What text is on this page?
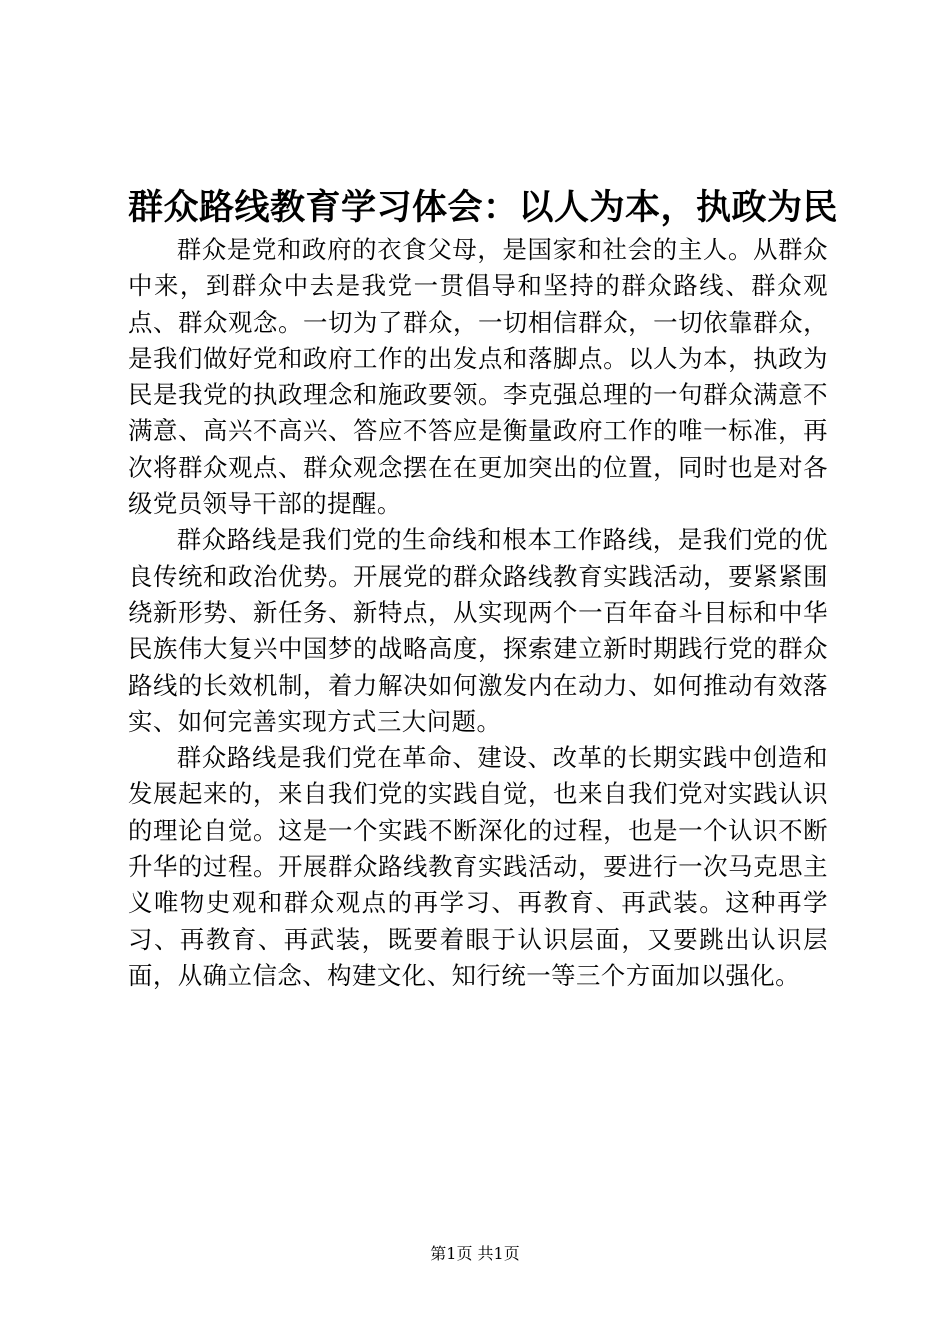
群众路线教育学习体会：以人为本，执政为民

群众是党和政府的衣食父母，是国家和社会的主人。从群众中来，到群众中去是我党一贯倡导和坚持的群众路线、群众观点、群众观念。一切为了群众，一切相信群众，一切依靠群众，是我们做好党和政府工作的出发点和落脚点。以人为本，执政为民是我党的执政理念和施政要领。李克强总理的一句群众满意不满意、高兴不高兴、答应不答应是衡量政府工作的唯一标准，再次将群众观点、群众观念摆在在更加突出的位置，同时也是对各级党员领导干部的提醒。

群众路线是我们党的生命线和根本工作路线，是我们党的优良传统和政治优势。开展党的群众路线教育实践活动，要紧紧围绕新形势、新任务、新特点，从实现两个一百年奋斗目标和中华民族伟大复兴中国梦的战略高度，探索建立新时期践行党的群众路线的长效机制，着力解决如何激发内在动力、如何推动有效落实、如何完善实现方式三大问题。

群众路线是我们党在革命、建设、改革的长期实践中创造和发展起来的，来自我们党的实践自觉，也来自我们党对实践认识的理论自觉。这是一个实践不断深化的过程，也是一个认识不断升华的过程。开展群众路线教育实践活动，要进行一次马克思主义唯物史观和群众观点的再学习、再教育、再武装。这种再学习、再教育、再武装，既要着眼于认识层面，又要跳出认识层面，从确立信念、构建文化、知行统一等三个方面加以强化。

第1页 共1页
